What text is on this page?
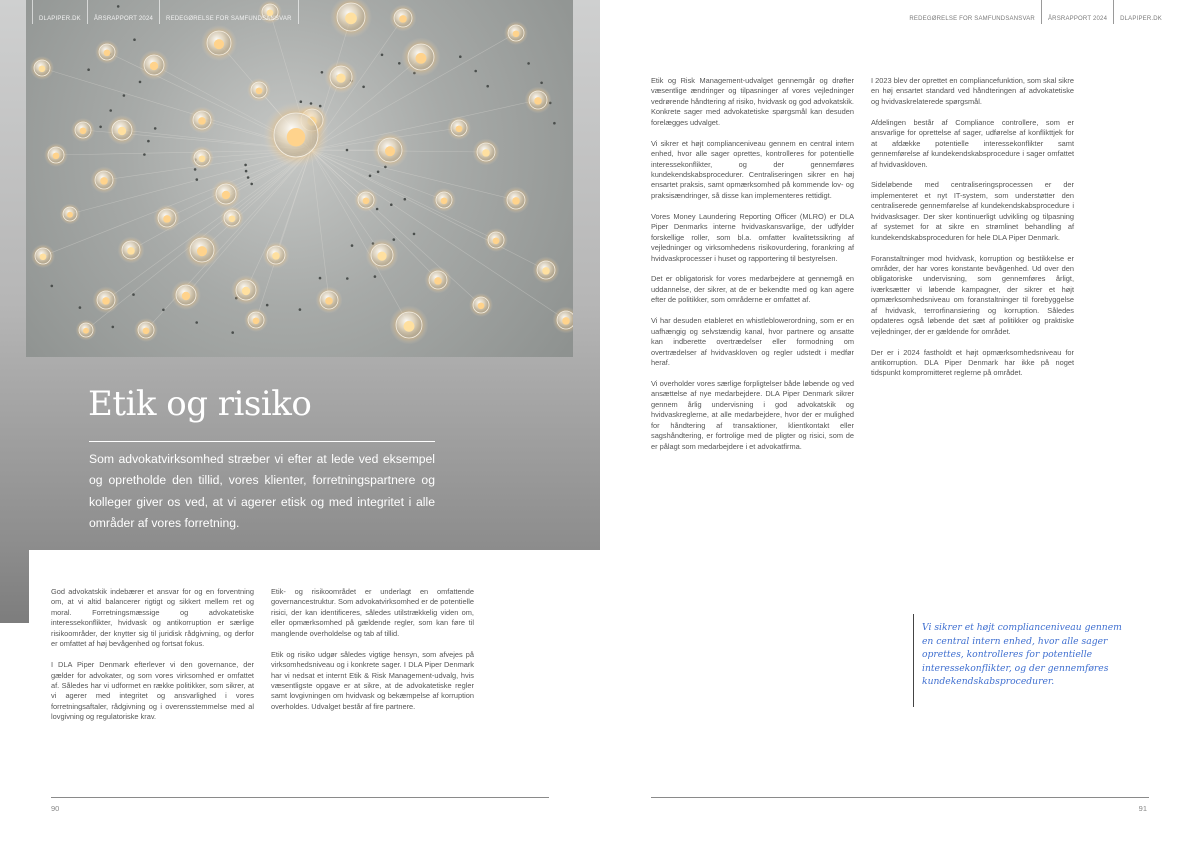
DLAPIPER.DK	ÅRSRAPPORT 2024	REDEGØRELSE FOR SAMFUNDSANSVAR	REDEGØRELSE FOR SAMFUNDSANSVAR	ÅRSRAPPORT 2024	DLAPIPER.DK
Etik og risiko

Som advokatvirksomhed stræber vi efter at lede ved eksempel og opretholde den tillid, vores klienter, forretningspartnere og kolleger giver os ved, at vi agerer etisk og med integritet i alle områder af vores forretning.

God advokatskik indebærer et ansvar for og en forventning om, at vi altid balancerer rigtigt og sikkert mellem ret og moral. Forretningsmæssige og advokatetiske interessekonflikter, hvidvask og antikorruption er særlige risikoområder, der knytter sig til juridisk rådgivning, og derfor er omfattet af høj bevågenhed og fortsat fokus.

I DLA Piper Denmark efterlever vi den governance, der gælder for advokater, og som vores virksomhed er omfattet af. Således har vi udformet en række politikker, som sikrer, at vi agerer med integritet og ansvarlighed i vores forretningsaftaler, rådgivning og i overensstemmelse med al lovgivning og regulatoriske krav.

Etik- og risikoområdet er underlagt en omfattende governancestruktur. Som advokatvirksomhed er de potentielle risici, der kan identificeres, således utilstrækkelig viden om, eller opmærksomhed på gældende regler, som kan føre til manglende overholdelse og tab af tillid.

Etik og risiko udgør således vigtige hensyn, som afvejes på virksomhedsniveau og i konkrete sager. I DLA Piper Denmark har vi nedsat et internt Etik & Risk Management-udvalg, hvis væsentligste opgave er at sikre, at de advokatetiske regler samt lovgivningen om hvidvask og bekæmpelse af korruption overholdes. Udvalget består af fire partnere.

Etik og Risk Management-udvalget gennemgår og drøfter væsentlige ændringer og tilpasninger af vores vejledninger vedrørende håndtering af risiko, hvidvask og god advokatskik. Konkrete sager med advokatetiske spørgsmål kan desuden forelægges udvalget.

Vi sikrer et højt complianceniveau gennem en central intern enhed, hvor alle sager oprettes, kontrolleres for potentielle interessekonflikter, og der gennemføres kundekendskabsprocedurer. Centraliseringen sikrer en høj ensartet praksis, samt opmærksomhed på kommende lov- og praksisændringer, så disse kan implementeres rettidigt.

Vores Money Laundering Reporting Officer (MLRO) er DLA Piper Denmarks interne hvidvaskansvarlige, der udfylder forskellige roller, som bl.a. omfatter kvalitetssikring af vejledninger og virksomhedens risikovurdering, forankring af hvidvaskprocesser i huset og rapportering til bestyrelsen.

Det er obligatorisk for vores medarbejdere at gennemgå en uddannelse, der sikrer, at de er bekendte med og kan agere efter de politikker, som områderne er omfattet af.

Vi har desuden etableret en whistleblowerordning, som er en uafhængig og selvstændig kanal, hvor partnere og ansatte kan indberette overtrædelser eller formodning om overtrædelser af hvidvaskloven og regler udstedt i medfør heraf.

Vi overholder vores særlige forpligtelser både løbende og ved ansættelse af nye medarbejdere. DLA Piper Denmark sikrer gennem årlig undervisning i god advokatskik og hvidvaskreglerne, at alle medarbejdere, hvor der er mulighed for håndtering af transaktioner, klientkontakt eller sagshåndtering, er fortrolige med de pligter og risici, som de er pålagt som medarbejdere i et advokatfirma.

I 2023 blev der oprettet en compliancefunktion, som skal sikre en høj ensartet standard ved håndteringen af advokatetiske og hvidvaskrelaterede spørgsmål.

Afdelingen består af Compliance controllere, som er ansvarlige for oprettelse af sager, udførelse af konflikttjek for at afdække potentielle interessekonflikter samt gennemførelse af kundekendskabsprocedure i sager omfattet af hvidvaskloven.

Sideløbende med centraliseringsprocessen er der implementeret et nyt IT-system, som understøtter den centraliserede gennemførelse af kundekendskabsprocedure i hvidvasksager. Der sker kontinuerligt udvikling og tilpasning af systemet for at sikre en strømlinet behandling af kundekendskabsproceduren for hele DLA Piper Denmark.

Foranstaltninger mod hvidvask, korruption og bestikkelse er områder, der har vores konstante bevågenhed. Ud over den obligatoriske undervisning, som gennemføres årligt, iværksætter vi løbende kampagner, der sikrer et højt opmærksomhedsniveau om foranstaltninger til forebyggelse af hvidvask, terrorfinansiering og korruption. Således opdateres også løbende det sæt af politikker og praktiske vejledninger, der er gældende for området.

Der er i 2024 fastholdt et højt opmærksomhedsniveau for antikorruption. DLA Piper Denmark har ikke på noget tidspunkt kompromitteret reglerne på området.

Vi sikrer et højt complianceniveau gennem en central intern enhed, hvor alle sager oprettes, kontrolleres for potentielle interessekonflikter, og der gennemføres kundekendskabsprocedurer.

90	91
